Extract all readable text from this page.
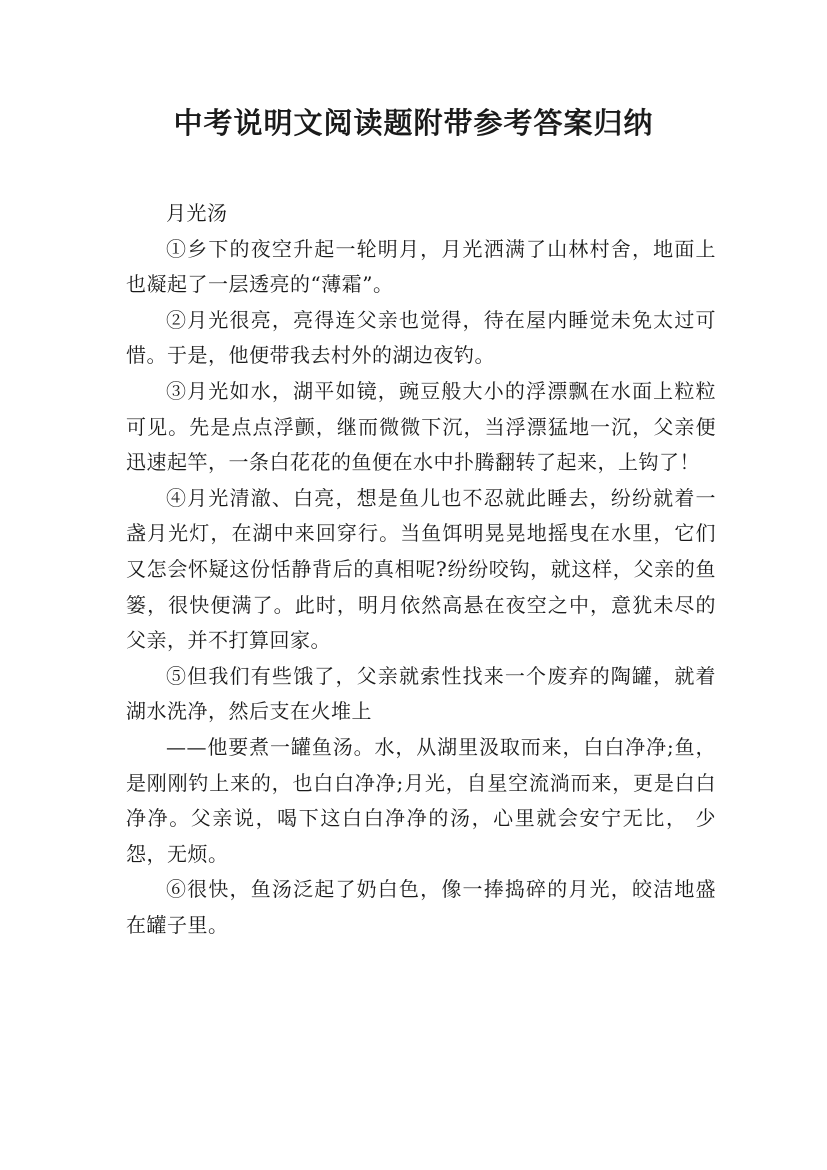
中考说明文阅读题附带参考答案归纳

月光汤

①乡下的夜空升起一轮明月，月光洒满了山林村舍，地面上也凝起了一层透亮的“薄霜”。

②月光很亮，亮得连父亲也觉得，待在屋内睡觉未免太过可惜。于是，他便带我去村外的湖边夜钓。

③月光如水，湖平如镜，豌豆般大小的浮漂飘在水面上粒粒可见。先是点点浮颤，继而微微下沉，当浮漂猛地一沉，父亲便迅速起竿，一条白花花的鱼便在水中扑腾翻转了起来，上钩了！

④月光清澈、白亮，想是鱼儿也不忍就此睡去，纷纷就着一盏月光灯，在湖中来回穿行。当鱼饵明晃晃地摇曳在水里，它们又怎会怀疑这份恬静背后的真相呢?纷纷咬钩，就这样，父亲的鱼篓，很快便满了。此时，明月依然高悬在夜空之中，意犹未尽的父亲，并不打算回家。

⑤但我们有些饿了，父亲就索性找来一个废弃的陶罐，就着湖水洗净，然后支在火堆上

——他要煮一罐鱼汤。水，从湖里汲取而来，白白净净;鱼，是刚刚钓上来的，也白白净净;月光，自星空流淌而来，更是白白净净。父亲说，喝下这白白净净的汤，心里就会安宁无比， 少怨，无烦。

⑥很快，鱼汤泛起了奶白色，像一捧捣碎的月光，皎洁地盛在罐子里。
